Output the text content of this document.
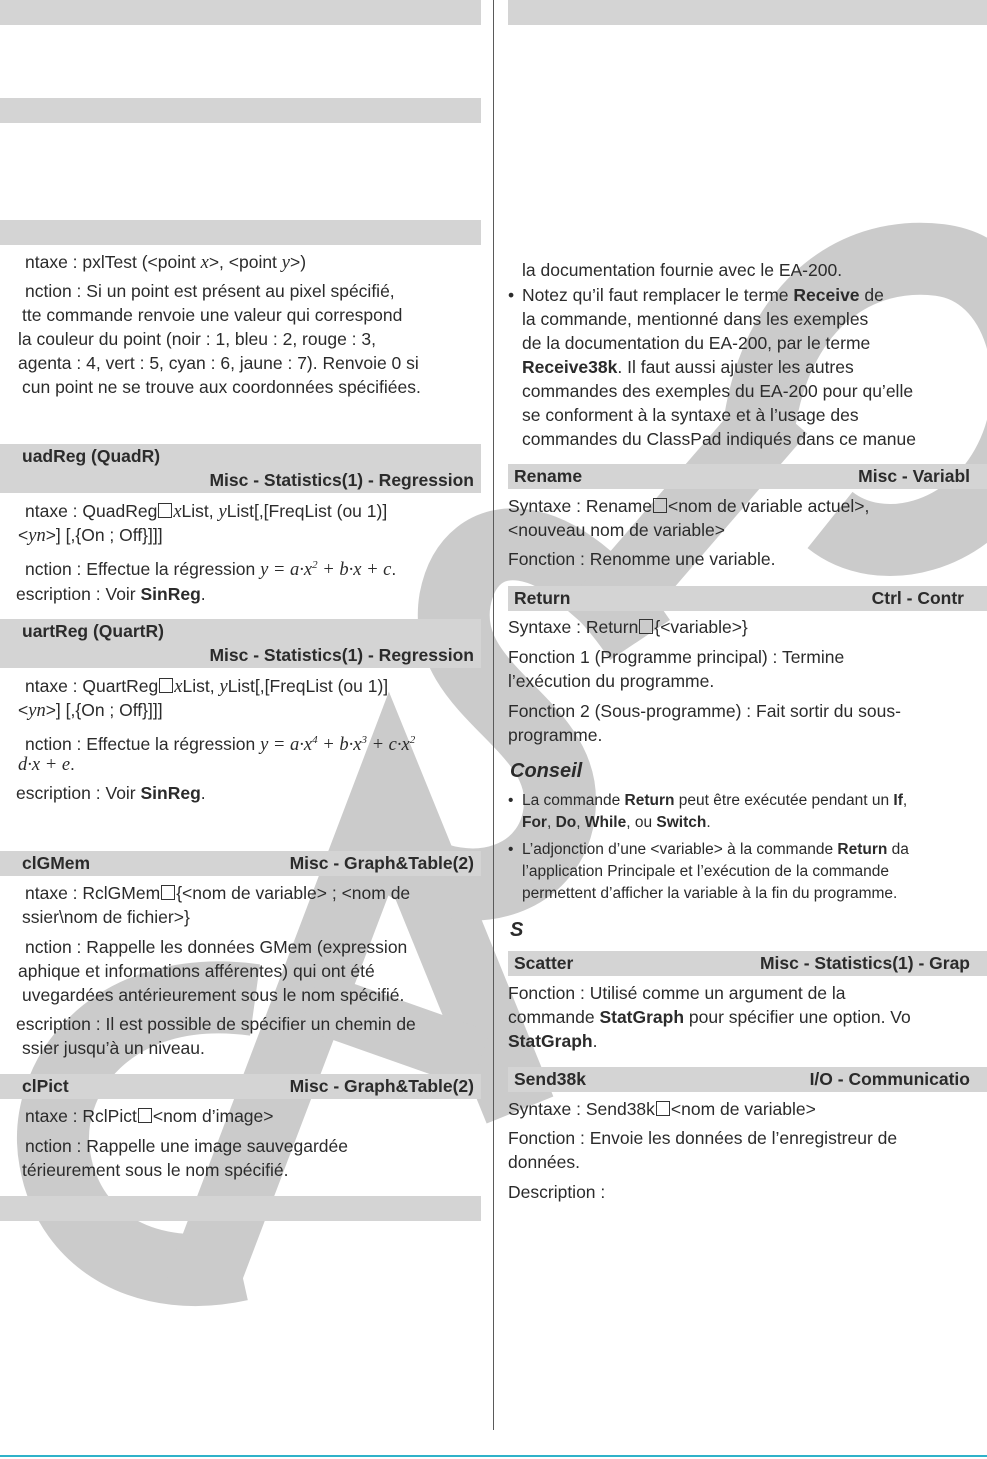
ntaxe : pxlTest (<point x>, <point y>)
nction : Si un point est présent au pixel spécifié,
tte commande renvoie une valeur qui correspond
la couleur du point (noir : 1, bleu : 2, rouge : 3,
agenta : 4, vert : 5, cyan : 6, jaune : 7). Renvoie 0 si
cun point ne se trouve aux coordonnées spécifiées.
uadReg (QuadR)
Misc - Statistics(1) - Regression
ntaxe : QuadReg xList, yList[,[FreqList (ou 1)]
<yn>] [,{On ; Off}]]]
nction : Effectue la régression $y = a\cdot x^2 + b\cdot x + c$.
escription : Voir SinReg.
uartReg (QuartR)
Misc - Statistics(1) - Regression
ntaxe : QuartReg xList, yList[,[FreqList (ou 1)]
<yn>] [,{On ; Off}]]]
nction : Effectue la régression $y = a\cdot x^4 + b\cdot x^3 + c\cdot x^2$
d·x + e.
escription : Voir SinReg.
clGMem	Misc - Graph&Table(2)
ntaxe : RclGMem {<nom de variable> ; <nom de
ssier\nom de fichier>}
nction : Rappelle les données GMem (expression
aphique et informations afférentes) qui ont été
uvegardées antérieurement sous le nom spécifié.
escription : Il est possible de spécifier un chemin de
ssier jusqu’à un niveau.
clPict	Misc - Graph&Table(2)
ntaxe : RclPict <nom d’image>
nction : Rappelle une image sauvegardée
térieurement sous le nom spécifié.
la documentation fournie avec le EA-200.
• Notez qu’il faut remplacer le terme Receive de
la commande, mentionné dans les exemples
de la documentation du EA-200, par le terme
Receive38k. Il faut aussi ajuster les autres
commandes des exemples du EA-200 pour qu’elle
se conforment à la syntaxe et à l’usage des
commandes du ClassPad indiqués dans ce manue
Rename	Misc - Variabl
Syntaxe : Rename <nom de variable actuel>,
<nouveau nom de variable>
Fonction : Renomme une variable.
Return	Ctrl - Contr
Syntaxe : Return {<variable>}
Fonction 1 (Programme principal) : Termine
l’exécution du programme.
Fonction 2 (Sous-programme) : Fait sortir du sous-
programme.
Conseil
• La commande Return peut être exécutée pendant un If,
For, Do, While, ou Switch.
• L’adjonction d’une <variable> à la commande Return da
l’application Principale et l’exécution de la commande
permettent d’afficher la variable à la fin du programme.
S
Scatter	Misc - Statistics(1) - Grap
Fonction : Utilisé comme un argument de la
commande StatGraph pour spécifier une option. Vo
StatGraph.
Send38k	I/O - Communicatio
Syntaxe : Send38k <nom de variable>
Fonction : Envoie les données de l’enregistreur de
données.
Description :
